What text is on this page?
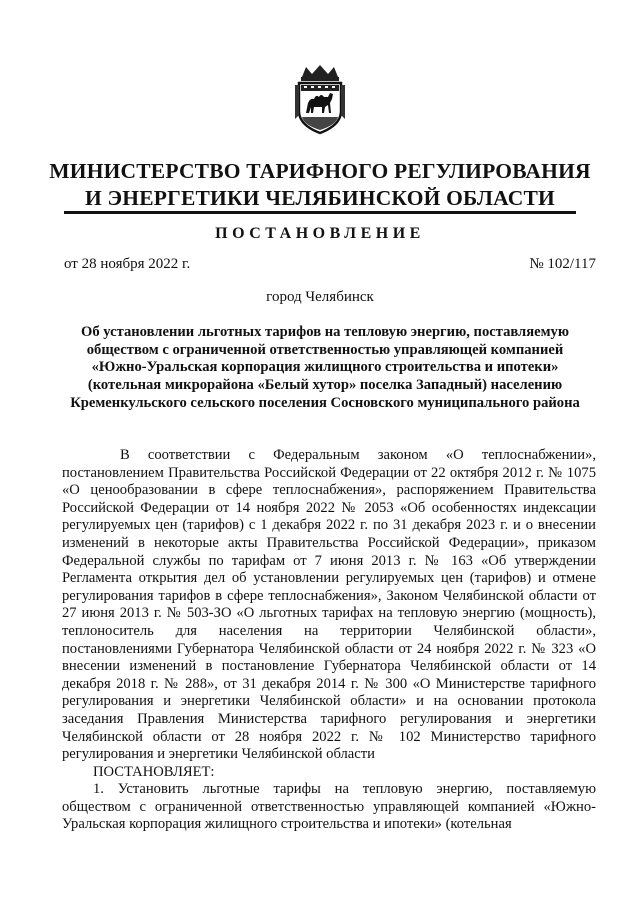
МИНИСТЕРСТВО ТАРИФНОГО РЕГУЛИРОВАНИЯ
И ЭНЕРГЕТИКИ ЧЕЛЯБИНСКОЙ ОБЛАСТИ
ПОСТАНОВЛЕНИЕ
от 28 ноября 2022 г.	№ 102/117
город Челябинск
Об установлении льготных тарифов на тепловую энергию, поставляемую обществом с ограниченной ответственностью управляющей компанией «Южно-Уральская корпорация жилищного строительства и ипотеки» (котельная микрорайона «Белый хутор» поселка Западный) населению Кременкульского сельского поселения Сосновского муниципального района

В соответствии с Федеральным законом «О теплоснабжении», постановлением Правительства Российской Федерации от 22 октября 2012 г. № 1075 «О ценообразовании в сфере теплоснабжения», распоряжением Правительства Российской Федерации от 14 ноября 2022 № 2053 «Об особенностях индексации регулируемых цен (тарифов) с 1 декабря 2022 г. по 31 декабря 2023 г. и о внесении изменений в некоторые акты Правительства Российской Федерации», приказом Федеральной службы по тарифам от 7 июня 2013 г. № 163 «Об утверждении Регламента открытия дел об установлении регулируемых цен (тарифов) и отмене регулирования тарифов в сфере теплоснабжения», Законом Челябинской области от 27 июня 2013 г. № 503-ЗО «О льготных тарифах на тепловую энергию (мощность), теплоноситель для населения на территории Челябинской области», постановлениями Губернатора Челябинской области от 24 ноября 2022 г. № 323 «О внесении изменений в постановление Губернатора Челябинской области от 14 декабря 2018 г. № 288», от 31 декабря 2014 г. № 300 «О Министерстве тарифного регулирования и энергетики Челябинской области» и на основании протокола заседания Правления Министерства тарифного регулирования и энергетики Челябинской области от 28 ноября 2022 г. № 102 Министерство тарифного регулирования и энергетики Челябинской области

ПОСТАНОВЛЯЕТ:

1. Установить льготные тарифы на тепловую энергию, поставляемую обществом с ограниченной ответственностью управляющей компанией «Южно-Уральская корпорация жилищного строительства и ипотеки» (котельная
